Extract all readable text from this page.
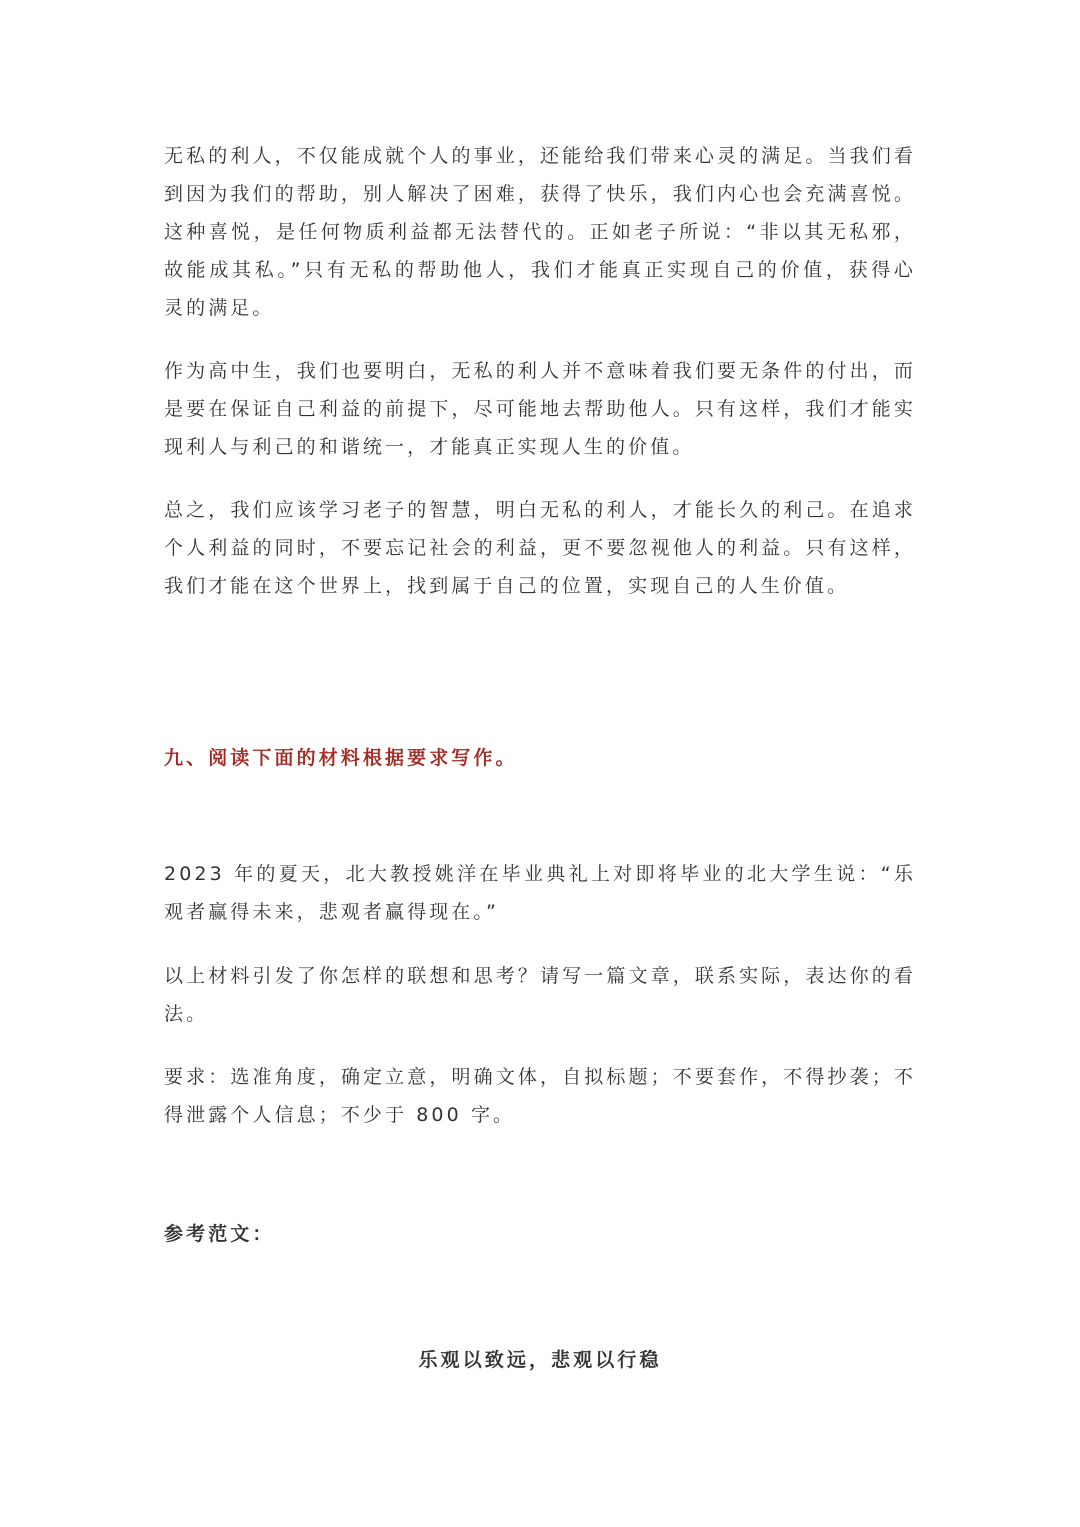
无私的利人，不仅能成就个人的事业，还能给我们带来心灵的满足。当我们看到因为我们的帮助，别人解决了困难，获得了快乐，我们内心也会充满喜悦。这种喜悦，是任何物质利益都无法替代的。正如老子所说：“非以其无私邪，故能成其私。”只有无私的帮助他人，我们才能真正实现自己的价值，获得心灵的满足。

作为高中生，我们也要明白，无私的利人并不意味着我们要无条件的付出，而是要在保证自己利益的前提下，尽可能地去帮助他人。只有这样，我们才能实现利人与利己的和谐统一，才能真正实现人生的价值。

总之，我们应该学习老子的智慧，明白无私的利人，才能长久的利己。在追求个人利益的同时，不要忘记社会的利益，更不要忽视他人的利益。只有这样，我们才能在这个世界上，找到属于自己的位置，实现自己的人生价值。

九、阅读下面的材料根据要求写作。

2023 年的夏天，北大教授姚洋在毕业典礼上对即将毕业的北大学生说：“乐观者赢得未来，悲观者赢得现在。”

以上材料引发了你怎样的联想和思考？请写一篇文章，联系实际，表达你的看法。

要求：选准角度，确定立意，明确文体，自拟标题；不要套作，不得抄袭；不得泄露个人信息；不少于 800 字。

参考范文：

乐观以致远，悲观以行稳
